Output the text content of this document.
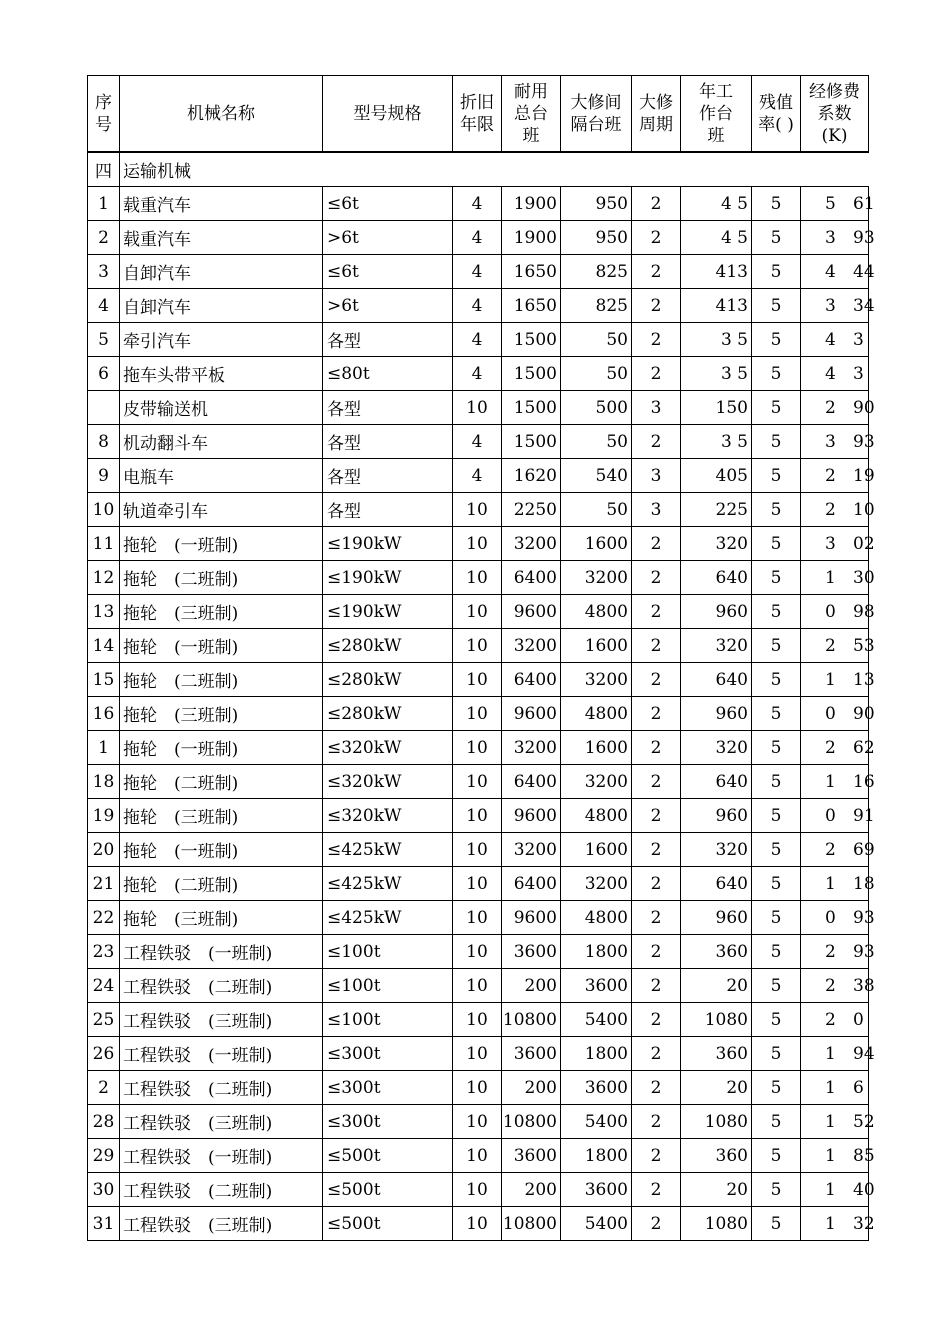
序号	机械名称	型号规格	折旧年限	耐用总台班	大修间隔台班	大修周期	年工作台班	残值率( )	经修费系数(K)
四	运输机械								
1	载重汽车	≤6t	4	1900	950	2	4 5	5	5 61

2	载重汽车	>6t	4	1900	950	2	4 5	5	3 93

3	自卸汽车	≤6t	4	1650	825	2	413	5	4 44

4	自卸汽车	>6t	4	1650	825	2	413	5	3 34

5	牵引汽车	各型	4	1500	50	2	3 5	5	4 3

6	拖车头带平板	≤80t	4	1500	50	2	3 5	5	4 3

	皮带输送机	各型	10	1500	500	3	150	5	2 90

8	机动翻斗车	各型	4	1500	50	2	3 5	5	3 93

9	电瓶车	各型	4	1620	540	3	405	5	2 19

10	轨道牵引车	各型	10	2250	50	3	225	5	2 10

11	拖轮　(一班制)	≤190kW	10	3200	1600	2	320	5	3 02

12	拖轮　(二班制)	≤190kW	10	6400	3200	2	640	5	1 30

13	拖轮　(三班制)	≤190kW	10	9600	4800	2	960	5	0 98

14	拖轮　(一班制)	≤280kW	10	3200	1600	2	320	5	2 53

15	拖轮　(二班制)	≤280kW	10	6400	3200	2	640	5	1 13

16	拖轮　(三班制)	≤280kW	10	9600	4800	2	960	5	0 90

1	拖轮　(一班制)	≤320kW	10	3200	1600	2	320	5	2 62

18	拖轮　(二班制)	≤320kW	10	6400	3200	2	640	5	1 16

19	拖轮　(三班制)	≤320kW	10	9600	4800	2	960	5	0 91

20	拖轮　(一班制)	≤425kW	10	3200	1600	2	320	5	2 69

21	拖轮　(二班制)	≤425kW	10	6400	3200	2	640	5	1 18

22	拖轮　(三班制)	≤425kW	10	9600	4800	2	960	5	0 93

23	工程铁驳　(一班制)	≤100t	10	3600	1800	2	360	5	2 93

24	工程铁驳　(二班制)	≤100t	10	200	3600	2	20	5	2 38

25	工程铁驳　(三班制)	≤100t	10	10800	5400	2	1080	5	2 0

26	工程铁驳　(一班制)	≤300t	10	3600	1800	2	360	5	1 94

2	工程铁驳　(二班制)	≤300t	10	200	3600	2	20	5	1 6

28	工程铁驳　(三班制)	≤300t	10	10800	5400	2	1080	5	1 52

29	工程铁驳　(一班制)	≤500t	10	3600	1800	2	360	5	1 85

30	工程铁驳　(二班制)	≤500t	10	200	3600	2	20	5	1 40

31	工程铁驳　(三班制)	≤500t	10	10800	5400	2	1080	5	1 32
